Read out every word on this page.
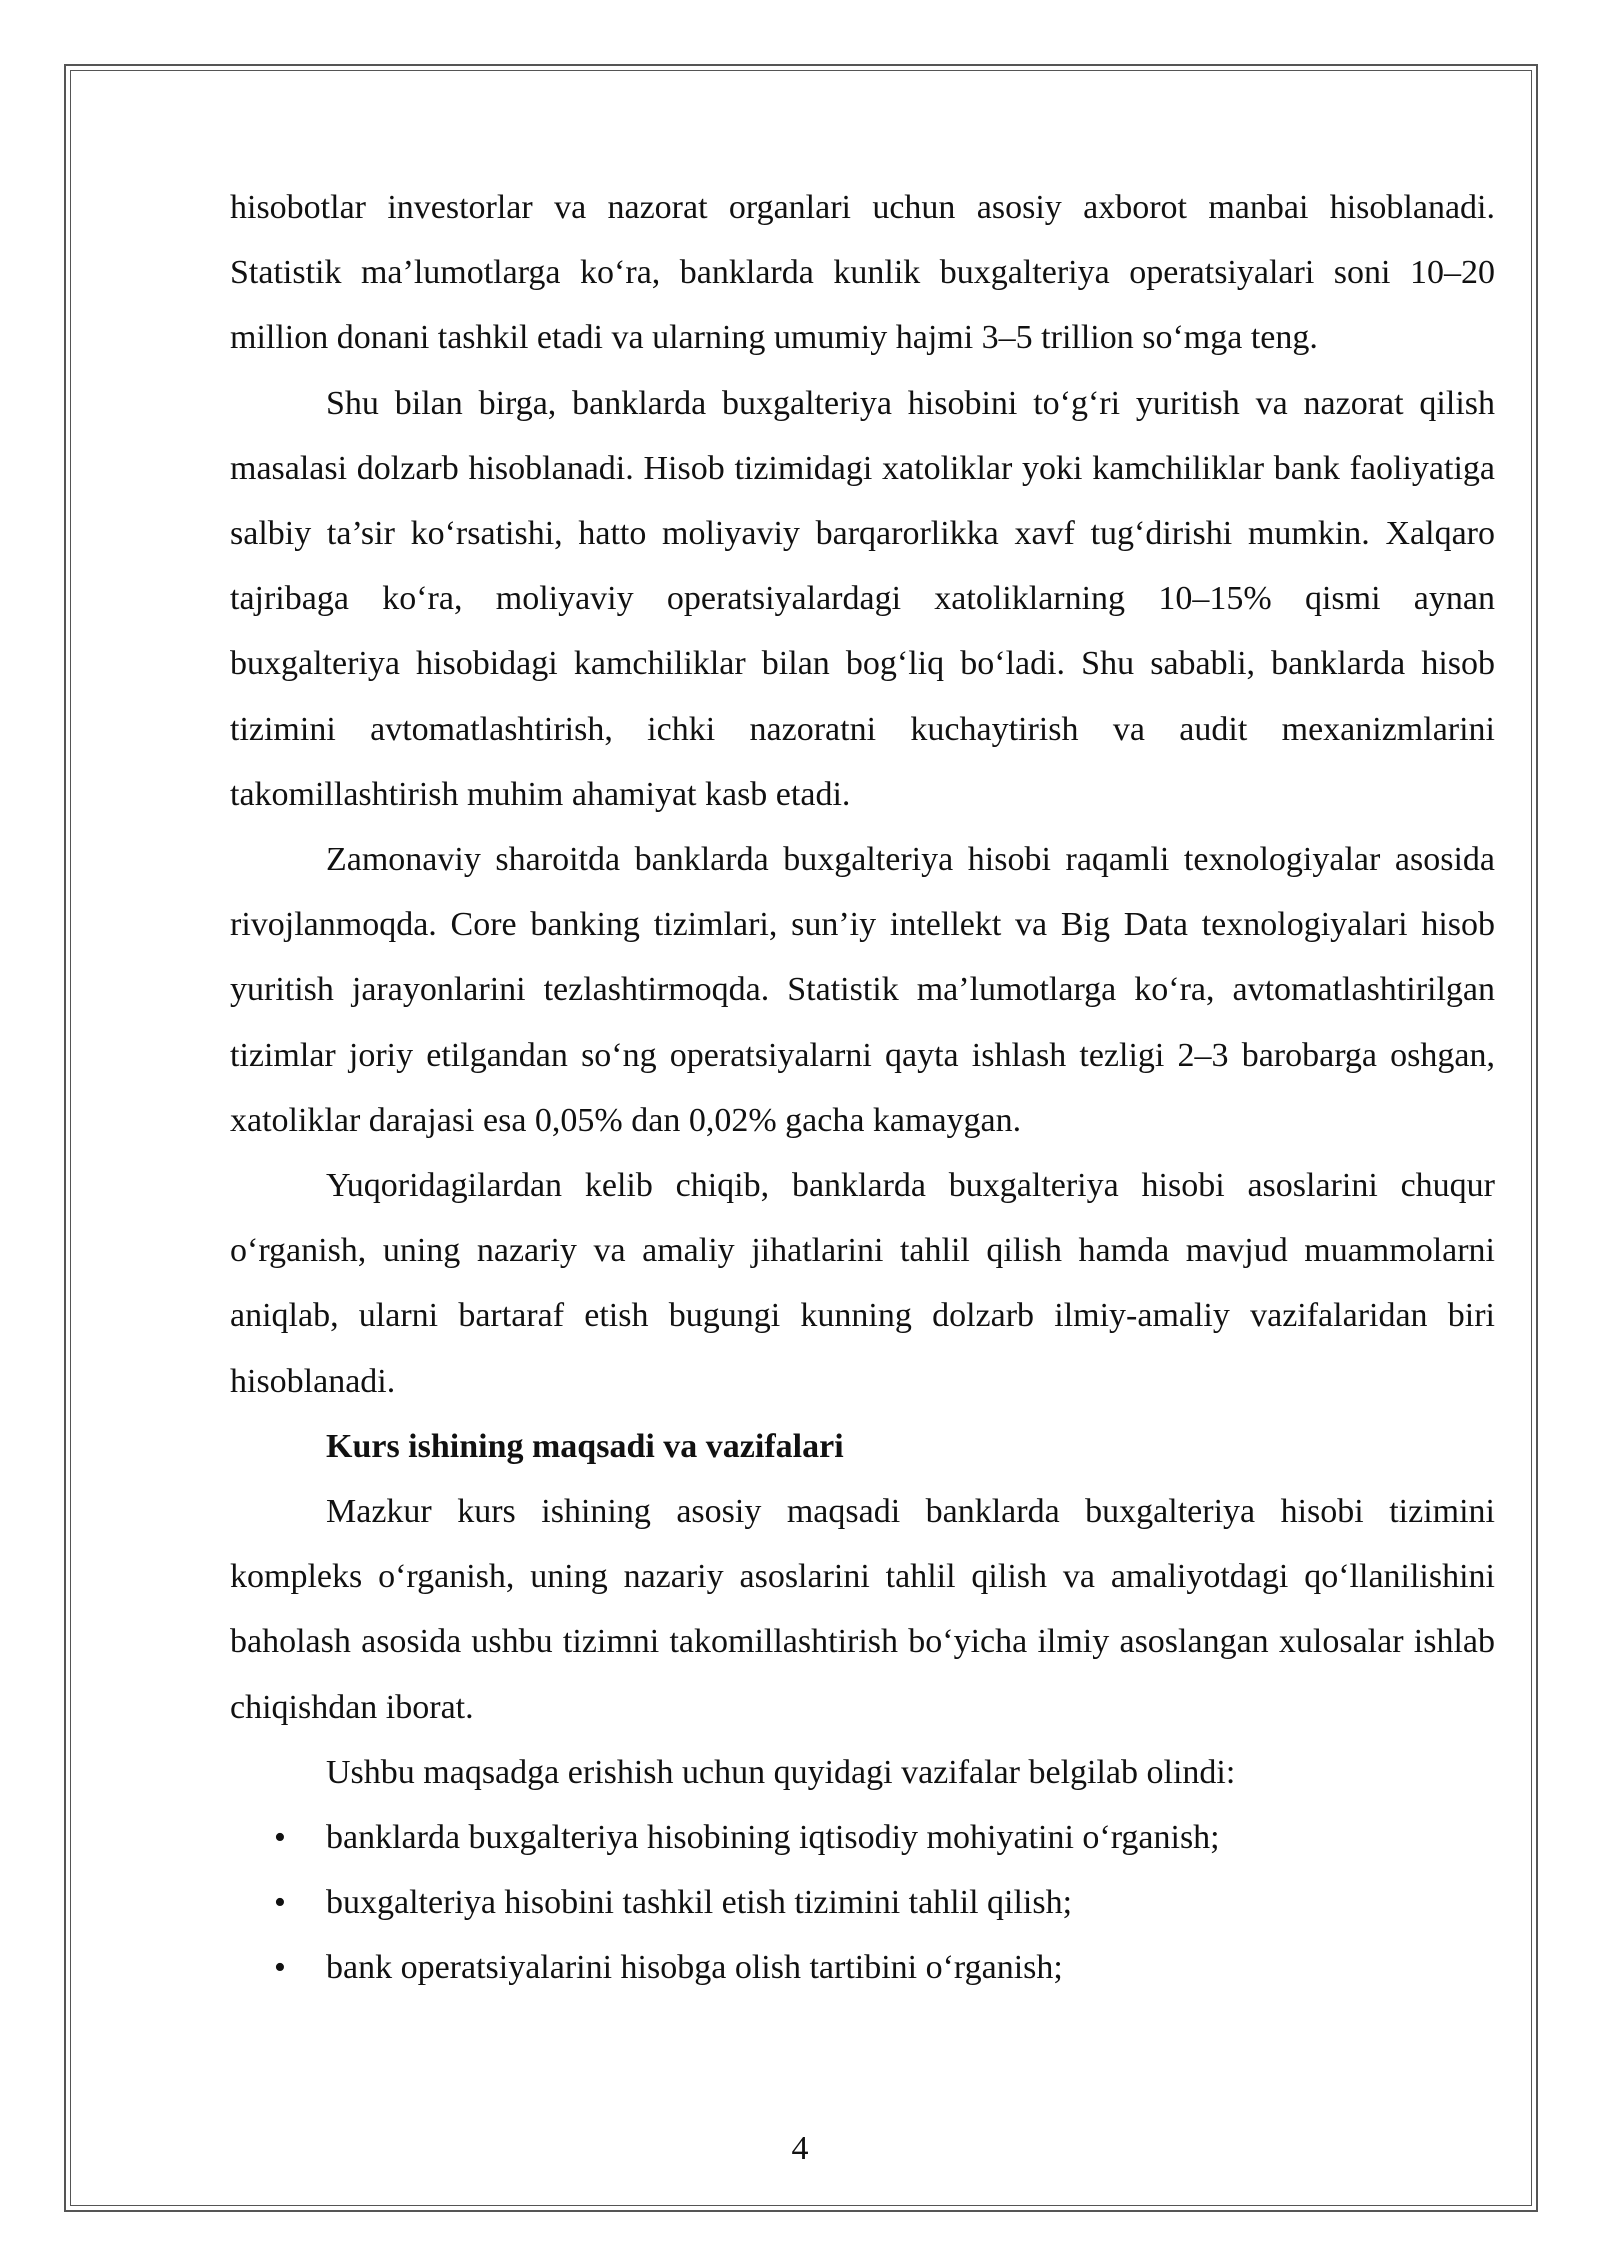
hisobotlar investorlar va nazorat organlari uchun asosiy axborot manbai hisoblanadi. Statistik ma’lumotlarga ko‘ra, banklarda kunlik buxgalteriya operatsiyalari soni 10–20 million donani tashkil etadi va ularning umumiy hajmi 3–5 trillion so‘mga teng.

Shu bilan birga, banklarda buxgalteriya hisobini to‘g‘ri yuritish va nazorat qilish masalasi dolzarb hisoblanadi. Hisob tizimidagi xatoliklar yoki kamchiliklar bank faoliyatiga salbiy ta’sir ko‘rsatishi, hatto moliyaviy barqarorlikka xavf tug‘dirishi mumkin. Xalqaro tajribaga ko‘ra, moliyaviy operatsiyalardagi xatoliklarning 10–15% qismi aynan buxgalteriya hisobidagi kamchiliklar bilan bog‘liq bo‘ladi. Shu sababli, banklarda hisob tizimini avtomatlashtirish, ichki nazoratni kuchaytirish va audit mexanizmlarini takomillashtirish muhim ahamiyat kasb etadi.

Zamonaviy sharoitda banklarda buxgalteriya hisobi raqamli texnologiyalar asosida rivojlanmoqda. Core banking tizimlari, sun’iy intellekt va Big Data texnologiyalari hisob yuritish jarayonlarini tezlashtirmoqda. Statistik ma’lumotlarga ko‘ra, avtomatlashtirilgan tizimlar joriy etilgandan so‘ng operatsiyalarni qayta ishlash tezligi 2–3 barobarga oshgan, xatoliklar darajasi esa 0,05% dan 0,02% gacha kamaygan.

Yuqoridagilardan kelib chiqib, banklarda buxgalteriya hisobi asoslarini chuqur o‘rganish, uning nazariy va amaliy jihatlarini tahlil qilish hamda mavjud muammolarni aniqlab, ularni bartaraf etish bugungi kunning dolzarb ilmiy-amaliy vazifalaridan biri hisoblanadi.

Kurs ishining maqsadi va vazifalari

Mazkur kurs ishining asosiy maqsadi banklarda buxgalteriya hisobi tizimini kompleks o‘rganish, uning nazariy asoslarini tahlil qilish va amaliyotdagi qo‘llanilishini baholash asosida ushbu tizimni takomillashtirish bo‘yicha ilmiy asoslangan xulosalar ishlab chiqishdan iborat.

Ushbu maqsadga erishish uchun quyidagi vazifalar belgilab olindi:

• banklarda buxgalteriya hisobining iqtisodiy mohiyatini o‘rganish;
• buxgalteriya hisobini tashkil etish tizimini tahlil qilish;
• bank operatsiyalarini hisobga olish tartibini o‘rganish;
4
